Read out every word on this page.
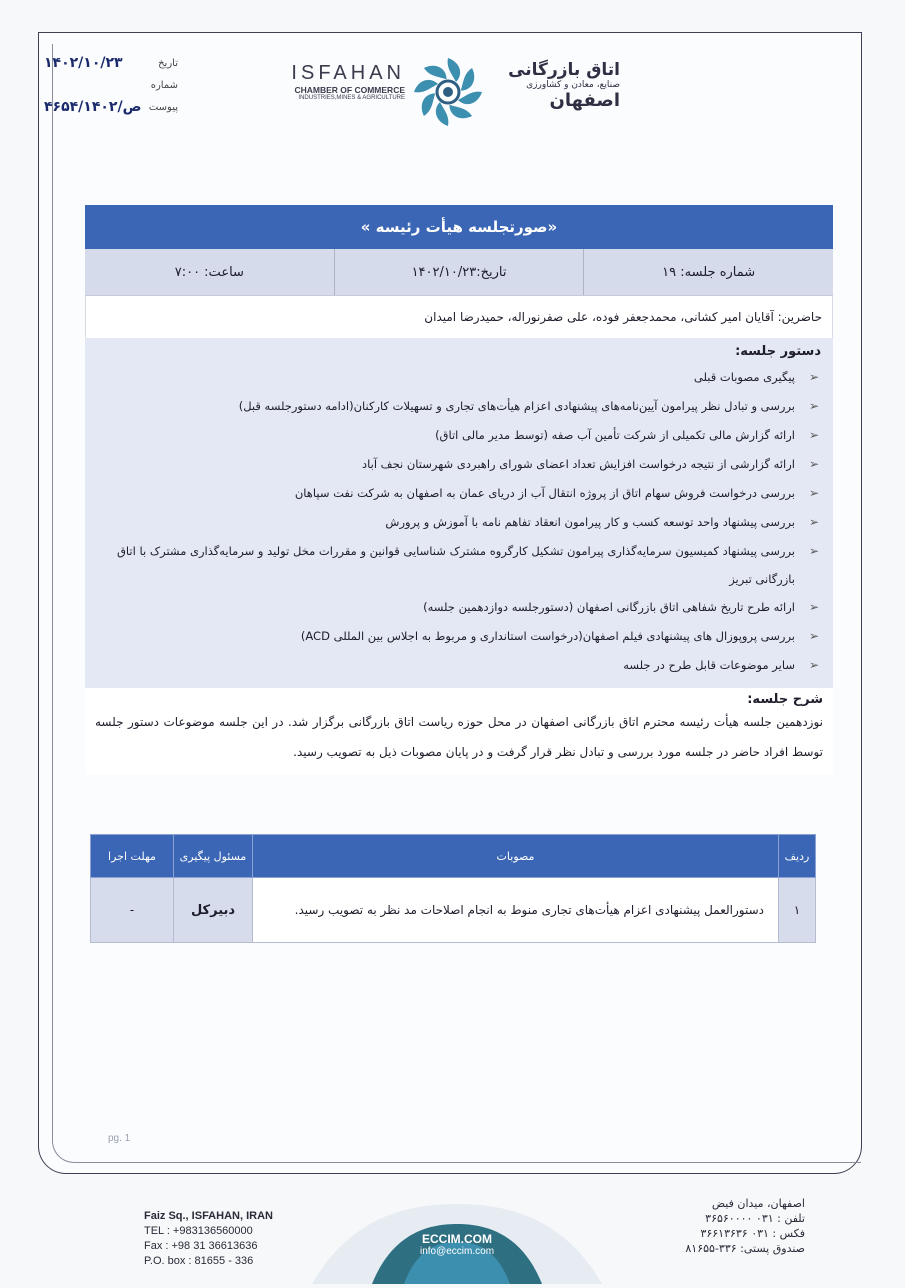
۱۴۰۲/۱۰/۲۳	تاریخ
شماره
۴۶۵۴/ص/۱۴۰۲ پیوست
ISFAHAN
CHAMBER OF COMMERCE
INDUSTRIES,MINES & AGRICULTURE
اتاق بازرگانی
صنایع، معادن و کشاورزی
اصفهان
«صورتجلسه هیأت رئیسه »
شماره جلسه: ۱۹
تاریخ:۱۴۰۲/۱۰/۲۳
ساعت: ۷:۰۰
حاضرین: آقایان امیر کشانی، محمدجعفر فوده، علی صفرنوراله، حمیدرضا امیدان
دستور جلسه:
➢
پیگیری مصوبات قبلی
➢
بررسی و تبادل نظر پیرامون آیین‌نامه‌های پیشنهادی اعزام هیأت‌های تجاری و تسهیلات کارکنان(ادامه دستورجلسه قبل)
➢
ارائه گزارش مالی تکمیلی از شرکت تأمین آب صفه (توسط مدیر مالی اتاق)
➢
ارائه گزارشی از نتیجه درخواست افزایش تعداد اعضای شورای راهبردی شهرستان نجف آباد
➢
بررسی درخواست فروش سهام اتاق از پروژه انتقال آب از دریای عمان به اصفهان به شرکت نفت سپاهان
➢
بررسی پیشنهاد واحد توسعه کسب و کار پیرامون انعقاد تفاهم نامه با آموزش و پرورش
➢
بررسی پیشنهاد کمیسیون سرمایه‌گذاری پیرامون تشکیل کارگروه مشترک شناسایی قوانین و مقررات مخل تولید و سرمایه‌گذاری مشترک با اتاق بازرگانی تبریز
➢
ارائه طرح تاریخ شفاهی اتاق بازرگانی اصفهان (دستورجلسه دوازدهمین جلسه)
➢
بررسی پروپوزال های پیشنهادی فیلم اصفهان(درخواست استانداری و مربوط به اجلاس بین المللی ACD)
➢
سایر موضوعات قابل طرح در جلسه
شرح جلسه:
نوزدهمین جلسه هیأت رئیسه محترم اتاق بازرگانی اصفهان در محل حوزه ریاست اتاق بازرگانی برگزار شد. در این جلسه موضوعات دستور جلسه توسط افراد حاضر در جلسه مورد بررسی و تبادل نظر قرار گرفت و در پایان مصوبات ذیل به تصویب رسید.
ردیف	مصوبات	مسئول پیگیری	مهلت اجرا
۱	دستورالعمل پیشنهادی اعزام هیأت‌های تجاری منوط به انجام اصلاحات مد نظر به تصویب رسید.	دبیرکل	-
pg. 1
Faiz Sq., ISFAHAN, IRAN
TEL : +983136560000
Fax : +98 31 36613636
P.O. box : 81655 - 336
ECCIM.COM
info@eccim.com
اصفهان، میدان فیض
تلفن : ۰۳۱ ۳۶۵۶۰۰۰۰
فکس : ۰۳۱ ۳۶۶۱۳۶۳۶
صندوق پستی: ۳۳۶-۸۱۶۵۵
